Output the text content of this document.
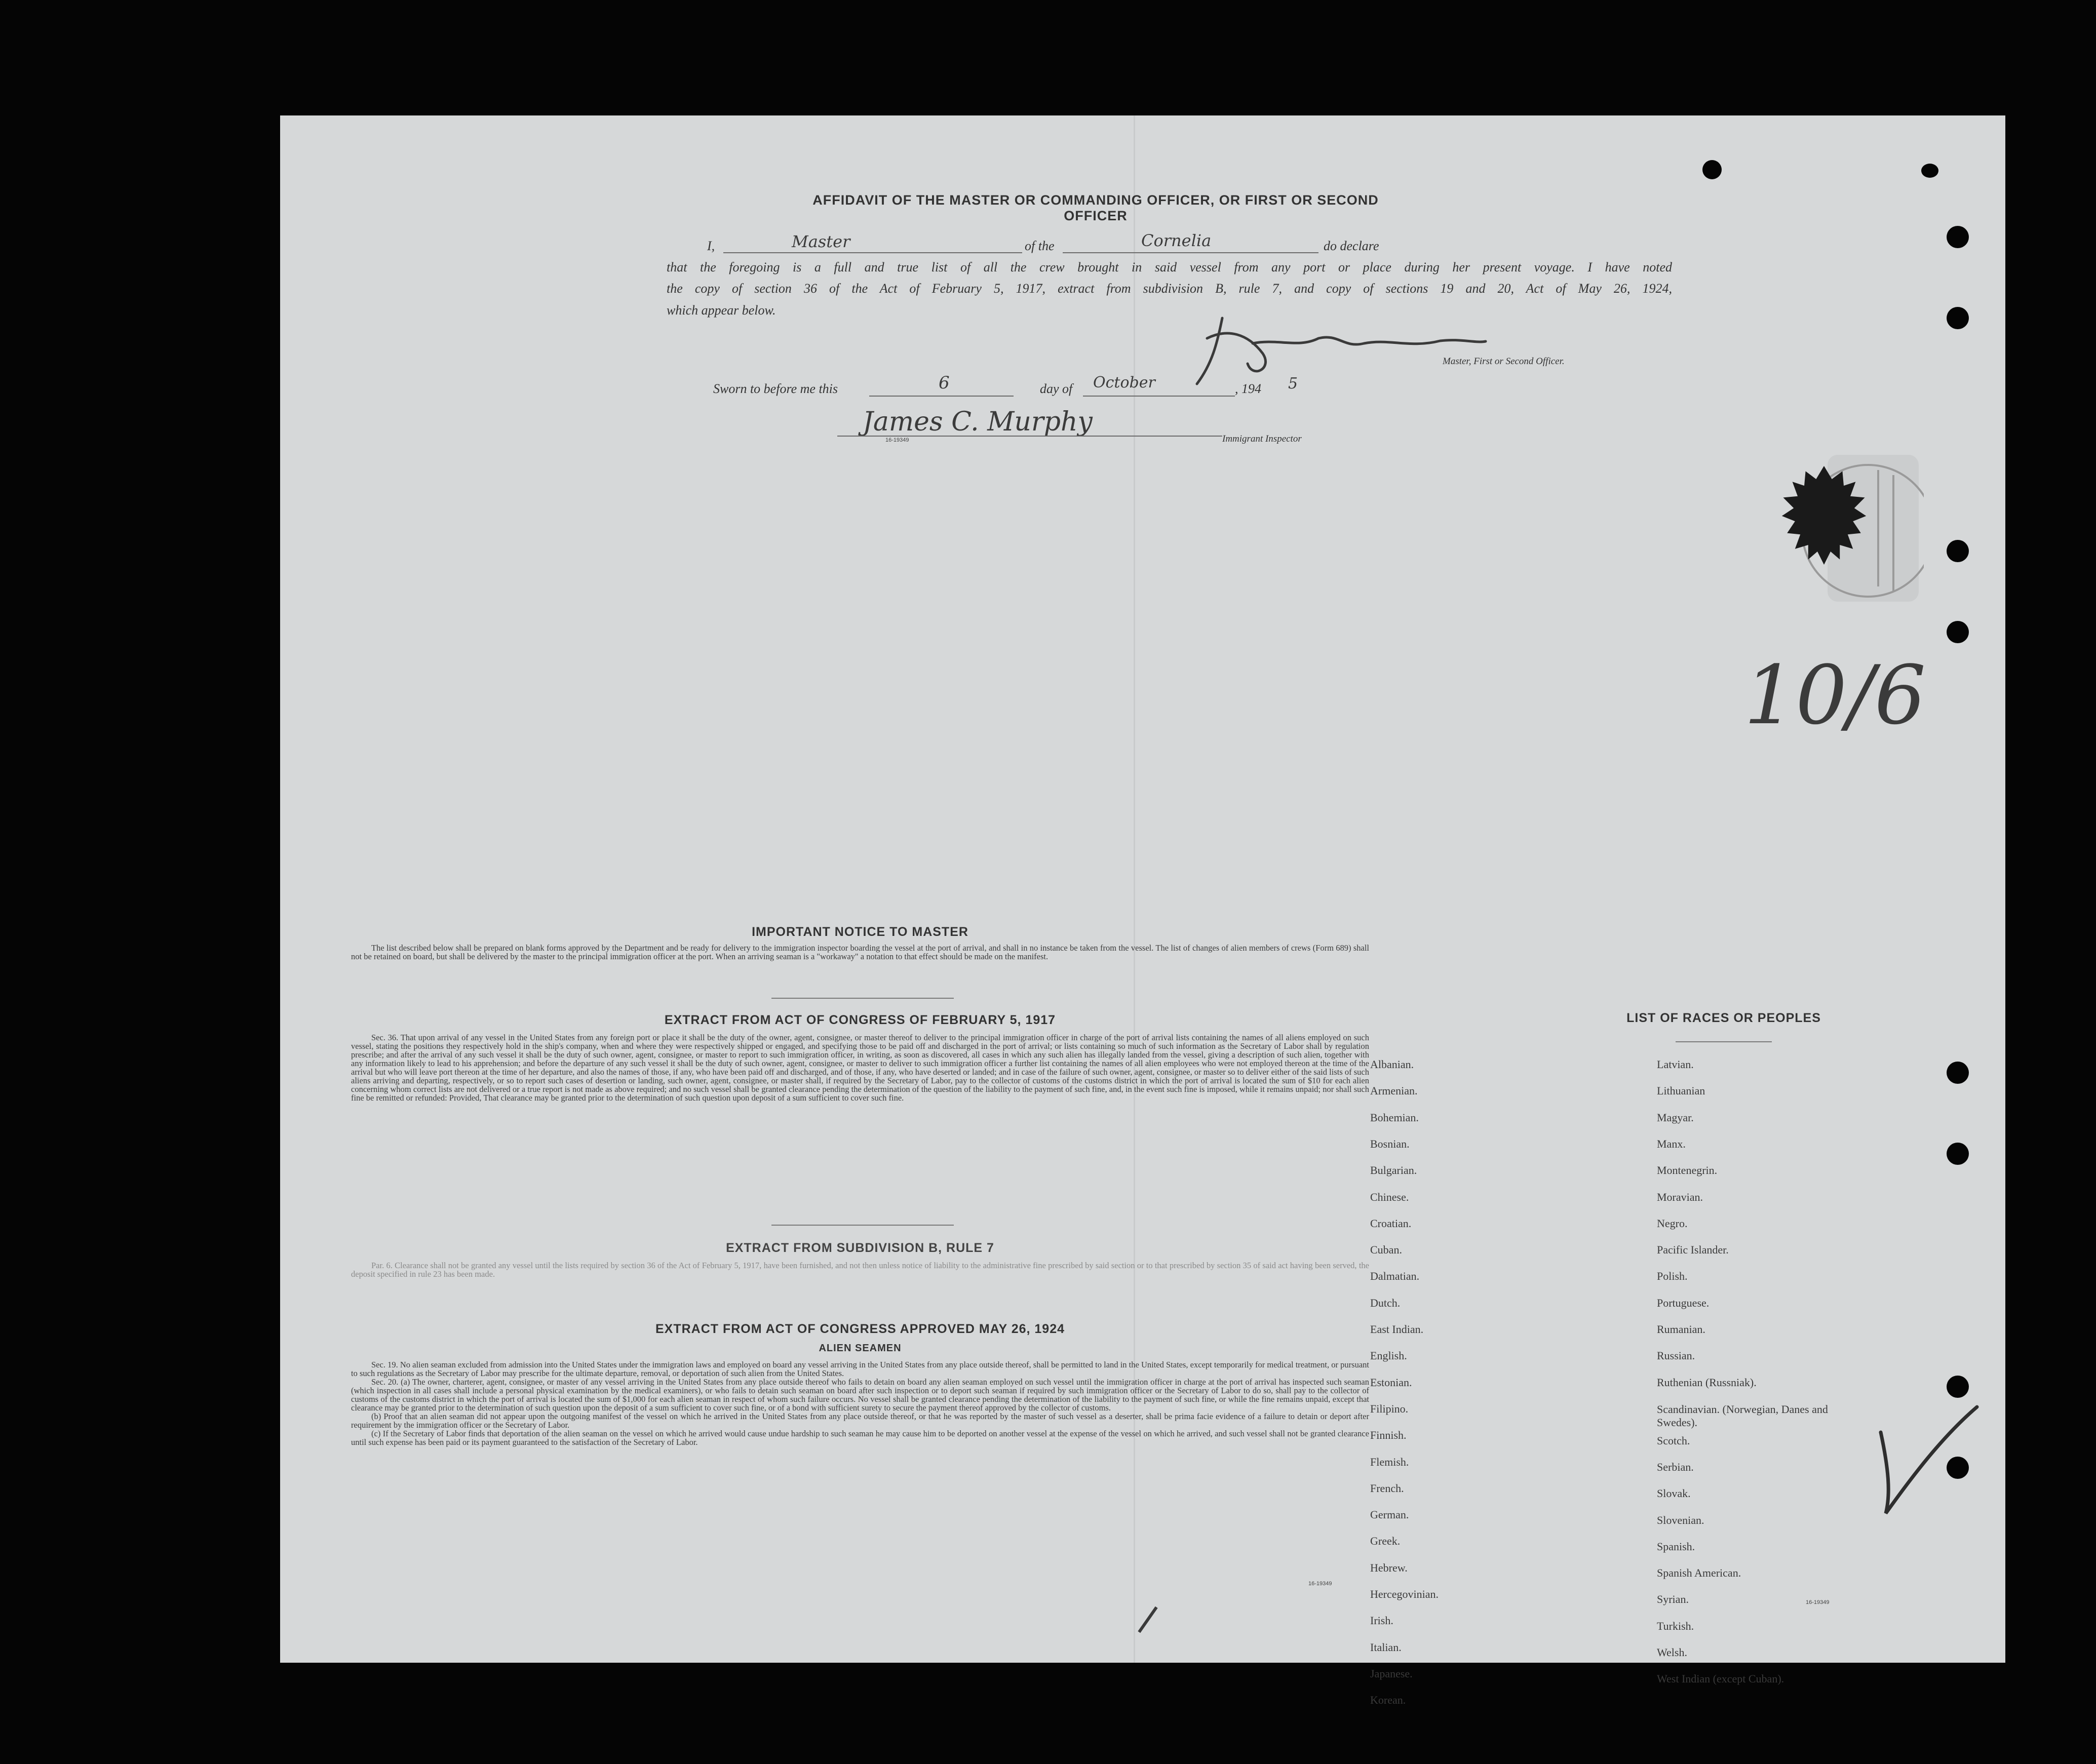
AFFIDAVIT OF THE MASTER OR COMMANDING OFFICER, OR FIRST OR SECOND OFFICER
I,	Master	of the	Cornelia	do declare
that the foregoing is a full and true list of all the crew brought in said vessel from any port or place during her present voyage. I have noted
the copy of section 36 of the Act of February 5, 1917, extract from subdivision B, rule 7, and copy of sections 19 and 20, Act of May 26, 1924,
which appear below.
Master, First or Second Officer.
Sworn to before me this	6	day of October	, 194 5
James C. Murphy
16-19349	Immigrant Inspector
10/6
IMPORTANT NOTICE TO MASTER

The list described below shall be prepared on blank forms approved by the Department and be ready for delivery to the immigration inspector boarding the vessel at the port of arrival, and shall in no instance be taken from the vessel. The list of changes of alien members of crews (Form 689) shall not be retained on board, but shall be delivered by the master to the principal immigration officer at the port. When an arriving seaman is a "workaway" a notation to that effect should be made on the manifest.

EXTRACT FROM ACT OF CONGRESS OF FEBRUARY 5, 1917

Sec. 36. That upon arrival of any vessel in the United States from any foreign port or place it shall be the duty of the owner, agent, consignee, or master thereof to deliver to the principal immigration officer in charge of the port of arrival lists containing the names of all aliens employed on such vessel, stating the positions they respectively hold in the ship's company, when and where they were respectively shipped or engaged, and specifying those to be paid off and discharged in the port of arrival; or lists containing so much of such information as the Secretary of Labor shall by regulation prescribe; and after the arrival of any such vessel it shall be the duty of such owner, agent, consignee, or master to report to such immigration officer, in writing, as soon as discovered, all cases in which any such alien has illegally landed from the vessel, giving a description of such alien, together with any information likely to lead to his apprehension; and before the departure of any such vessel it shall be the duty of such owner, agent, consignee, or master to deliver to such immigration officer a further list containing the names of all alien employees who were not employed thereon at the time of the arrival but who will leave port thereon at the time of her departure, and also the names of those, if any, who have been paid off and discharged, and of those, if any, who have deserted or landed; and in case of the failure of such owner, agent, consignee, or master so to deliver either of the said lists of such aliens arriving and departing, respectively, or so to report such cases of desertion or landing, such owner, agent, consignee, or master shall, if required by the Secretary of Labor, pay to the collector of customs of the customs district in which the port of arrival is located the sum of $10 for each alien concerning whom correct lists are not delivered or a true report is not made as above required; and no such vessel shall be granted clearance pending the determination of the question of the liability to the payment of such fine, and, in the event such fine is imposed, while it remains unpaid; nor shall such fine be remitted or refunded: Provided, That clearance may be granted prior to the determination of such question upon deposit of a sum sufficient to cover such fine.

EXTRACT FROM SUBDIVISION B, RULE 7

Par. 6. Clearance shall not be granted any vessel until the lists required by section 36 of the Act of February 5, 1917, have been furnished, and not then unless notice of liability to the administrative fine prescribed by said section or to that prescribed by section 35 of said act having been served, the deposit specified in rule 23 has been made.

EXTRACT FROM ACT OF CONGRESS APPROVED MAY 26, 1924
ALIEN SEAMEN

Sec. 19. No alien seaman excluded from admission into the United States under the immigration laws and employed on board any vessel arriving in the United States from any place outside thereof, shall be permitted to land in the United States, except temporarily for medical treatment, or pursuant to such regulations as the Secretary of Labor may prescribe for the ultimate departure, removal, or deportation of such alien from the United States.

Sec. 20. (a) The owner, charterer, agent, consignee, or master of any vessel arriving in the United States from any place outside thereof who fails to detain on board any alien seaman employed on such vessel until the immigration officer in charge at the port of arrival has inspected such seaman (which inspection in all cases shall include a personal physical examination by the medical examiners), or who fails to detain such seaman on board after such inspection or to deport such seaman if required by such immigration officer or the Secretary of Labor to do so, shall pay to the collector of customs of the customs district in which the port of arrival is located the sum of $1,000 for each alien seaman in respect of whom such failure occurs. No vessel shall be granted clearance pending the determination of the liability to the payment of such fine, or while the fine remains unpaid, except that clearance may be granted prior to the determination of such question upon the deposit of a sum sufficient to cover such fine, or of a bond with sufficient surety to secure the payment thereof approved by the collector of customs.

(b) Proof that an alien seaman did not appear upon the outgoing manifest of the vessel on which he arrived in the United States from any place outside thereof, or that he was reported by the master of such vessel as a deserter, shall be prima facie evidence of a failure to detain or deport after requirement by the immigration officer or the Secretary of Labor.

(c) If the Secretary of Labor finds that deportation of the alien seaman on the vessel on which he arrived would cause undue hardship to such seaman he may cause him to be deported on another vessel at the expense of the vessel on which he arrived, and such vessel shall not be granted clearance until such expense has been paid or its payment guaranteed to the satisfaction of the Secretary of Labor.

16-19349
LIST OF RACES OR PEOPLES
16-19349
Albanian.
Armenian.
Bohemian.
Bosnian.
Bulgarian.
Chinese.
Croatian.
Cuban.
Dalmatian.
Dutch.
East Indian.
English.
Estonian.
Filipino.
Finnish.
Flemish.
French.
German.
Greek.
Hebrew.
Hercegovinian.
Irish.
Italian.
Japanese.
Korean.
Latvian.
Lithuanian
Magyar.
Manx.
Montenegrin.
Moravian.
Negro.
Pacific Islander.
Polish.
Portuguese.
Rumanian.
Russian.
Ruthenian (Russniak).
Scandinavian. (Norwegian, Danes and Swedes).
Scotch.
Serbian.
Slovak.
Slovenian.
Spanish.
Spanish American.
Syrian.
Turkish.
Welsh.
West Indian (except Cuban).
